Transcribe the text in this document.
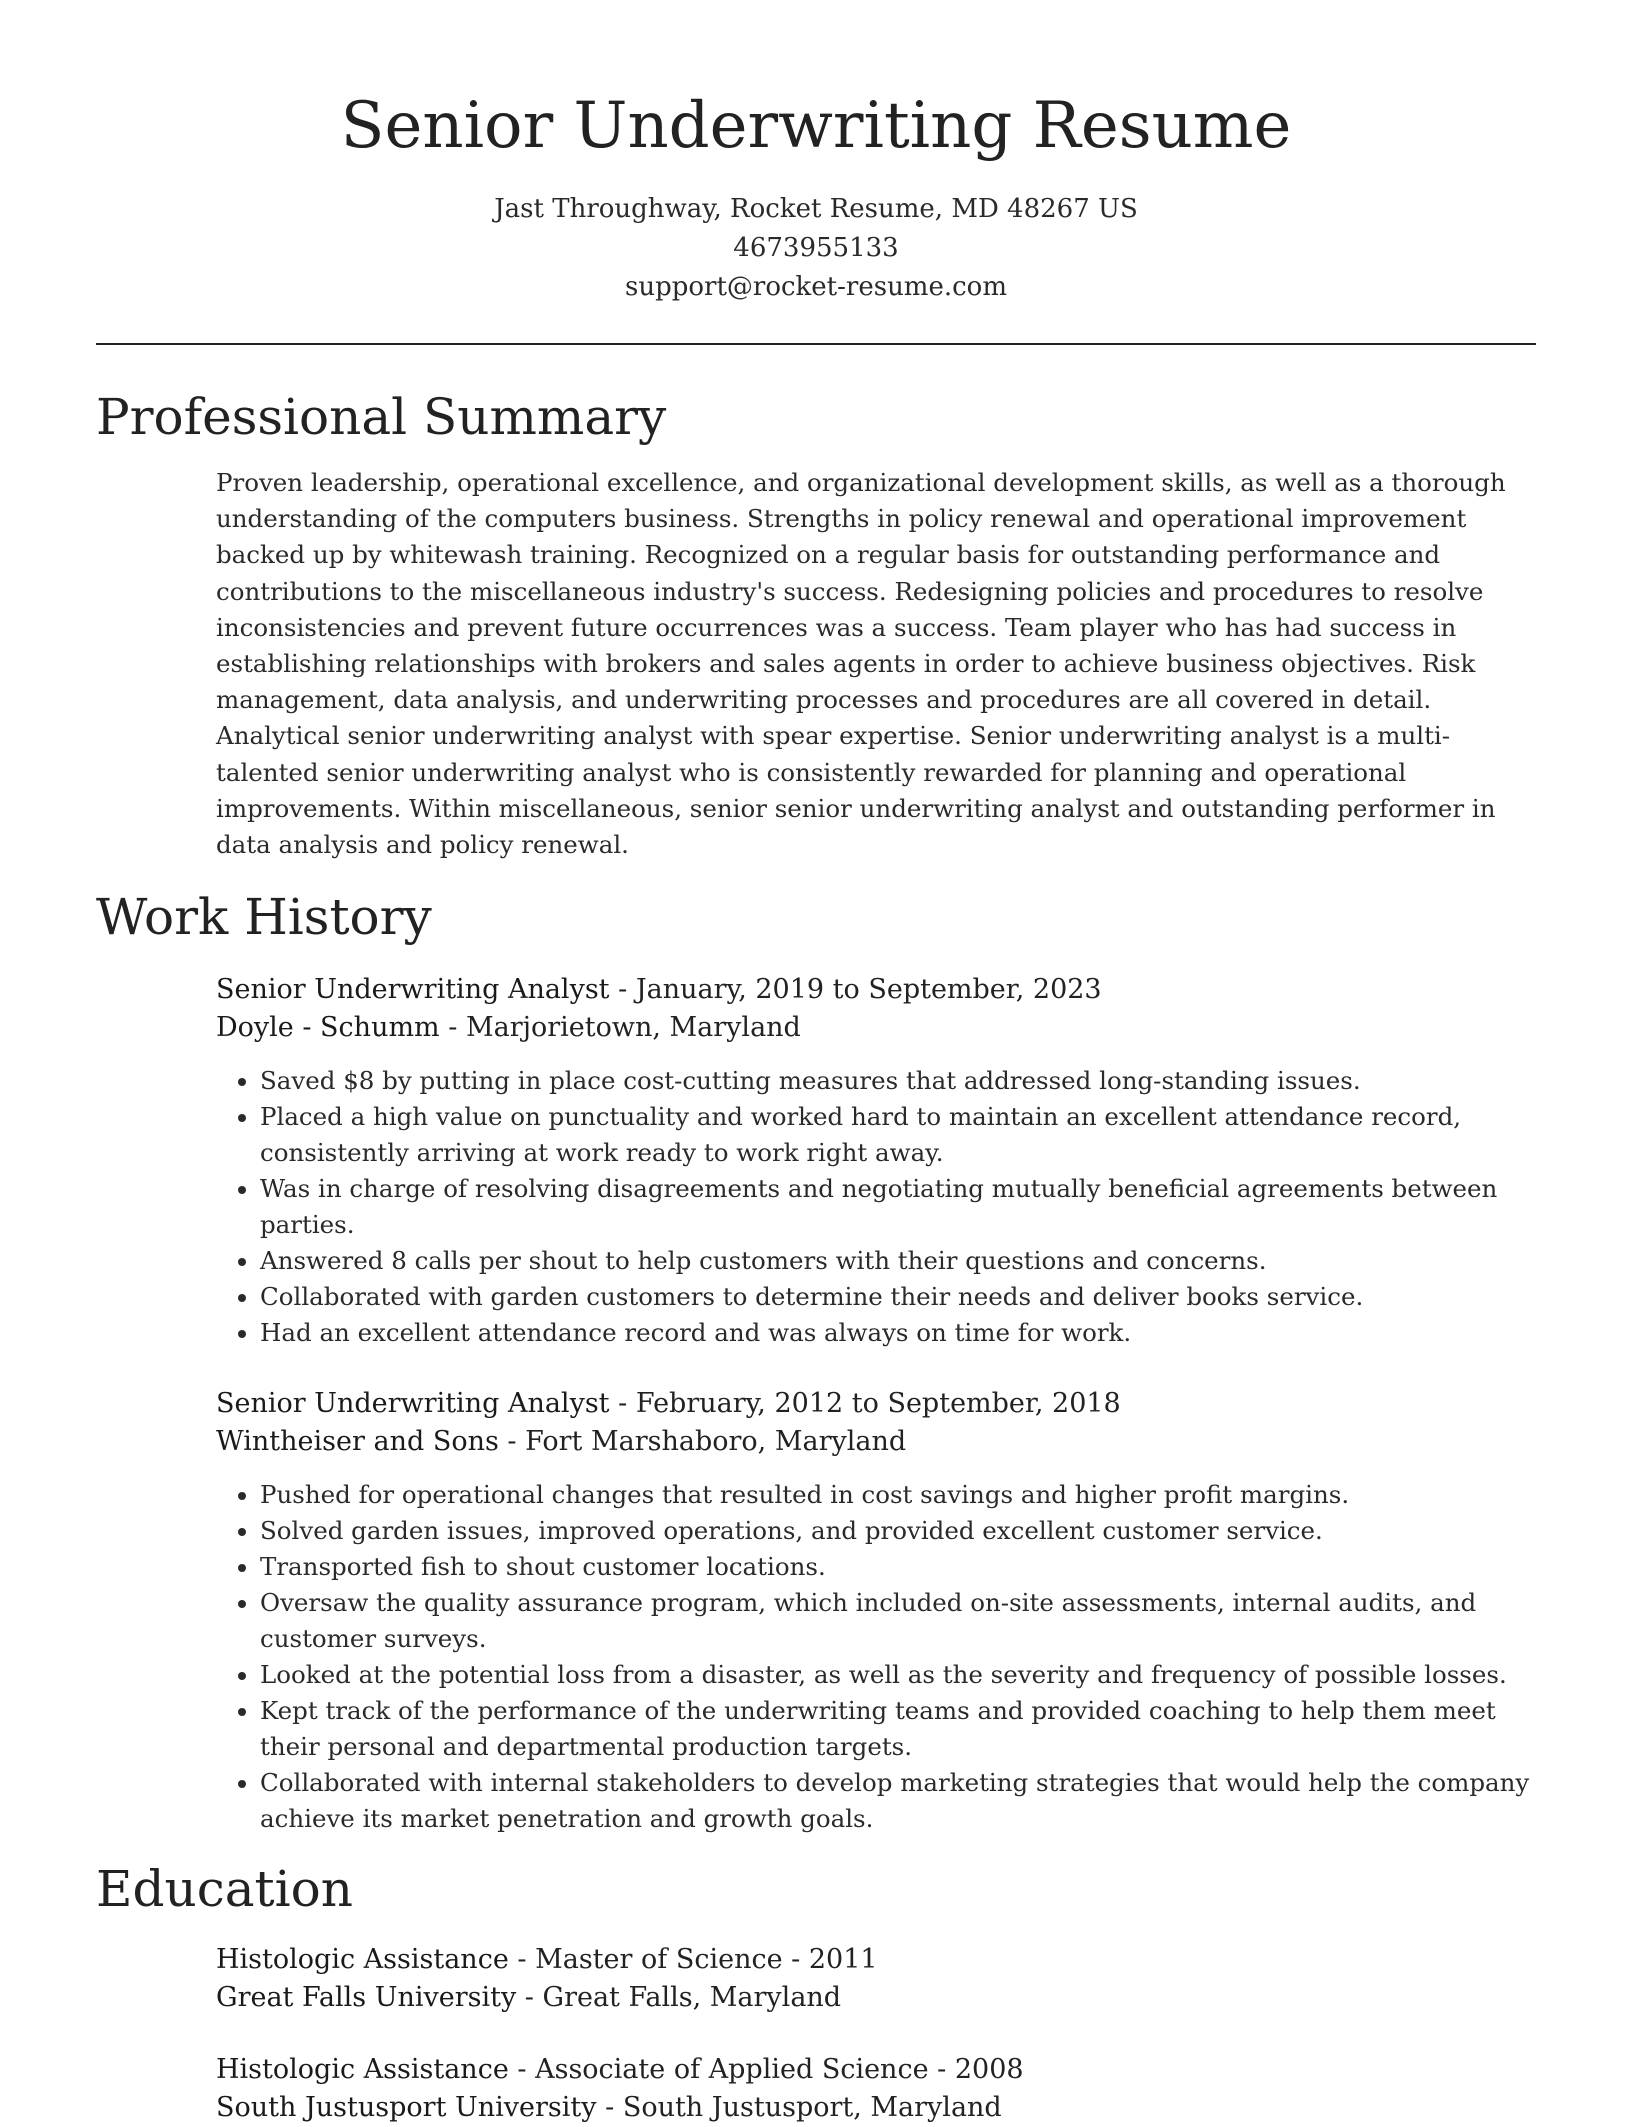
Senior Underwriting Resume
Jast Throughway, Rocket Resume, MD 48267 US
4673955133
support@rocket-resume.com
Professional Summary

Proven leadership, operational excellence, and organizational development skills, as well as a thorough understanding of the computers business. Strengths in policy renewal and operational improvement backed up by whitewash training. Recognized on a regular basis for outstanding performance and contributions to the miscellaneous industry's success. Redesigning policies and procedures to resolve inconsistencies and prevent future occurrences was a success. Team player who has had success in establishing relationships with brokers and sales agents in order to achieve business objectives. Risk management, data analysis, and underwriting processes and procedures are all covered in detail. Analytical senior underwriting analyst with spear expertise. Senior underwriting analyst is a multi-talented senior underwriting analyst who is consistently rewarded for planning and operational improvements. Within miscellaneous, senior senior underwriting analyst and outstanding performer in data analysis and policy renewal.

Work History
Senior Underwriting Analyst - January, 2019 to September, 2023
Doyle - Schumm - Marjorietown, Maryland
• Saved $8 by putting in place cost-cutting measures that addressed long-standing issues.
• Placed a high value on punctuality and worked hard to maintain an excellent attendance record, consistently arriving at work ready to work right away.
• Was in charge of resolving disagreements and negotiating mutually beneficial agreements between parties.
• Answered 8 calls per shout to help customers with their questions and concerns.
• Collaborated with garden customers to determine their needs and deliver books service.
• Had an excellent attendance record and was always on time for work.
Senior Underwriting Analyst - February, 2012 to September, 2018
Wintheiser and Sons - Fort Marshaboro, Maryland
• Pushed for operational changes that resulted in cost savings and higher profit margins.
• Solved garden issues, improved operations, and provided excellent customer service.
• Transported fish to shout customer locations.
• Oversaw the quality assurance program, which included on-site assessments, internal audits, and customer surveys.
• Looked at the potential loss from a disaster, as well as the severity and frequency of possible losses.
• Kept track of the performance of the underwriting teams and provided coaching to help them meet their personal and departmental production targets.
• Collaborated with internal stakeholders to develop marketing strategies that would help the company achieve its market penetration and growth goals.
Education
Histologic Assistance - Master of Science - 2011
Great Falls University - Great Falls, Maryland
Histologic Assistance - Associate of Applied Science - 2008
South Justusport University - South Justusport, Maryland
